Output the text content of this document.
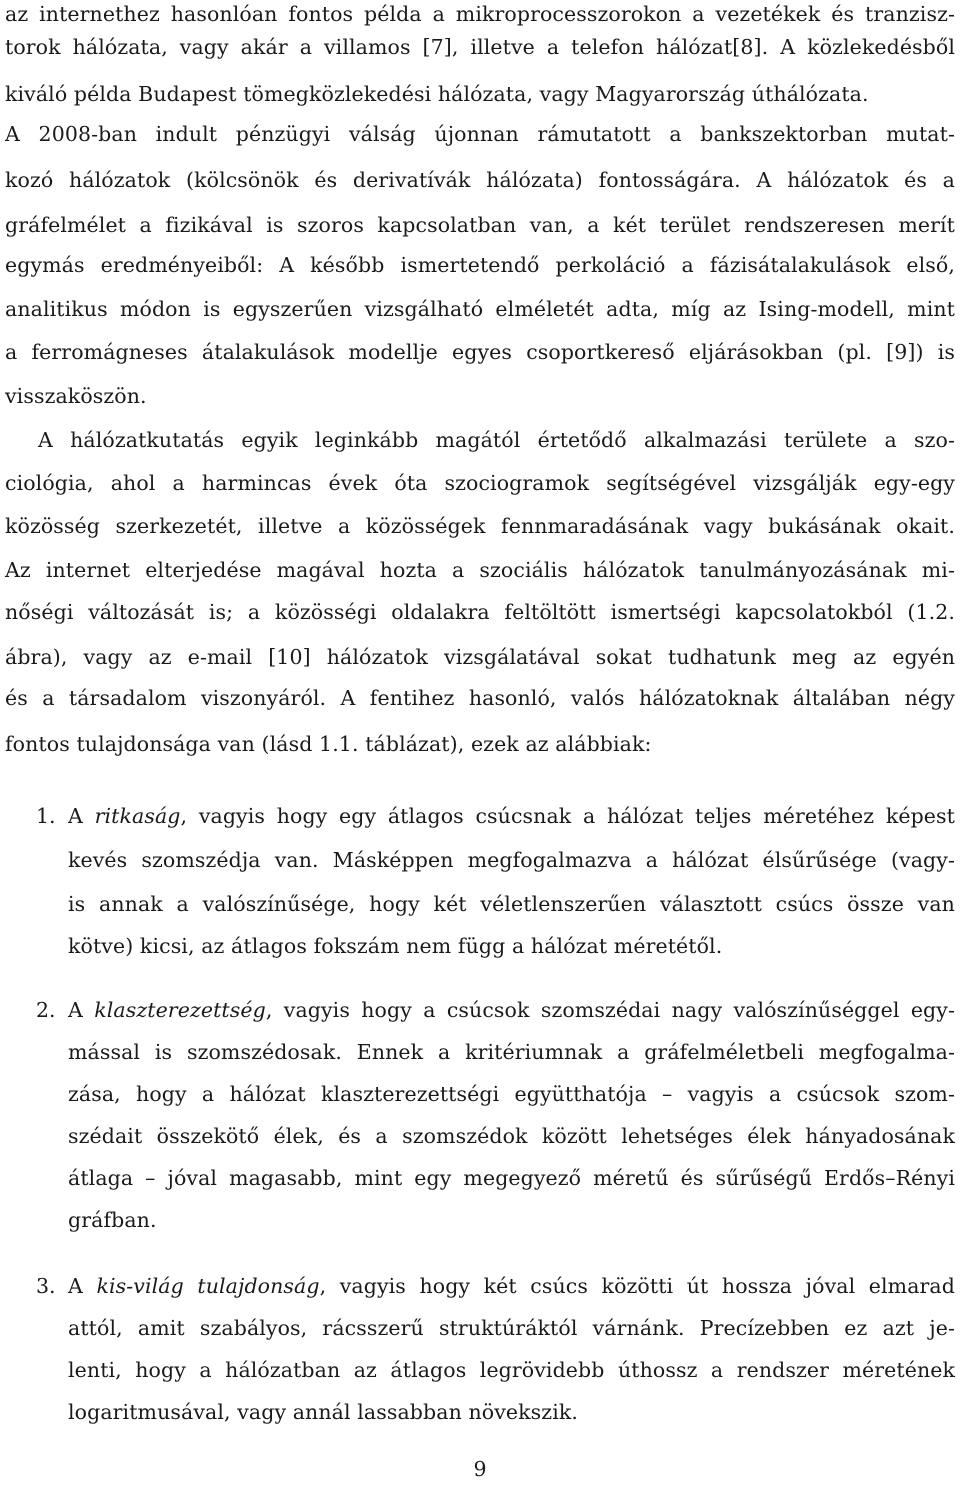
az internethez hasonlóan fontos példa a mikroprocesszorokon a vezetékek és tranzisz-
torok hálózata, vagy akár a villamos [7], illetve a telefon hálózat[8]. A közlekedésből
kiváló példa Budapest tömegközlekedési hálózata, vagy Magyarország úthálózata.
A 2008-ban indult pénzügyi válság újonnan rámutatott a bankszektorban mutat-
kozó hálózatok (kölcsönök és derivatívák hálózata) fontosságára. A hálózatok és a
gráfelmélet a fizikával is szoros kapcsolatban van, a két terület rendszeresen merít
egymás eredményeiből: A később ismertetendő perkoláció a fázisátalakulások első,
analitikus módon is egyszerűen vizsgálható elméletét adta, míg az Ising-modell, mint
a ferromágneses átalakulások modellje egyes csoportkereső eljárásokban (pl. [9]) is
visszaköszön.
A hálózatkutatás egyik leginkább magától értetődő alkalmazási területe a szo-
ciológia, ahol a harmincas évek óta szociogramok segítségével vizsgálják egy-egy
közösség szerkezetét, illetve a közösségek fennmaradásának vagy bukásának okait.
Az internet elterjedése magával hozta a szociális hálózatok tanulmányozásának mi-
nőségi változását is; a közösségi oldalakra feltöltött ismertségi kapcsolatokból (1.2.
ábra), vagy az e-mail [10] hálózatok vizsgálatával sokat tudhatunk meg az egyén
és a társadalom viszonyáról. A fentihez hasonló, valós hálózatoknak általában négy
fontos tulajdonsága van (lásd 1.1. táblázat), ezek az alábbiak:
1. A ritkaság, vagyis hogy egy átlagos csúcsnak a hálózat teljes méretéhez képest
kevés szomszédja van. Másképpen megfogalmazva a hálózat élsűrűsége (vagy-
is annak a valószínűsége, hogy két véletlenszerűen választott csúcs össze van
kötve) kicsi, az átlagos fokszám nem függ a hálózat méretétől.
2. A klaszterezettség, vagyis hogy a csúcsok szomszédai nagy valószínűséggel egy-
mással is szomszédosak. Ennek a kritériumnak a gráfelméletbeli megfogalma-
zása, hogy a hálózat klaszterezettségi együtthatója – vagyis a csúcsok szom-
szédait összekötő élek, és a szomszédok között lehetséges élek hányadosának
átlaga – jóval magasabb, mint egy megegyező méretű és sűrűségű Erdős–Rényi
gráfban.
3. A kis-világ tulajdonság, vagyis hogy két csúcs közötti út hossza jóval elmarad
attól, amit szabályos, rácsszerű struktúráktól várnánk. Precízebben ez azt je-
lenti, hogy a hálózatban az átlagos legrövidebb úthossz a rendszer méretének
logaritmusával, vagy annál lassabban növekszik.
9
